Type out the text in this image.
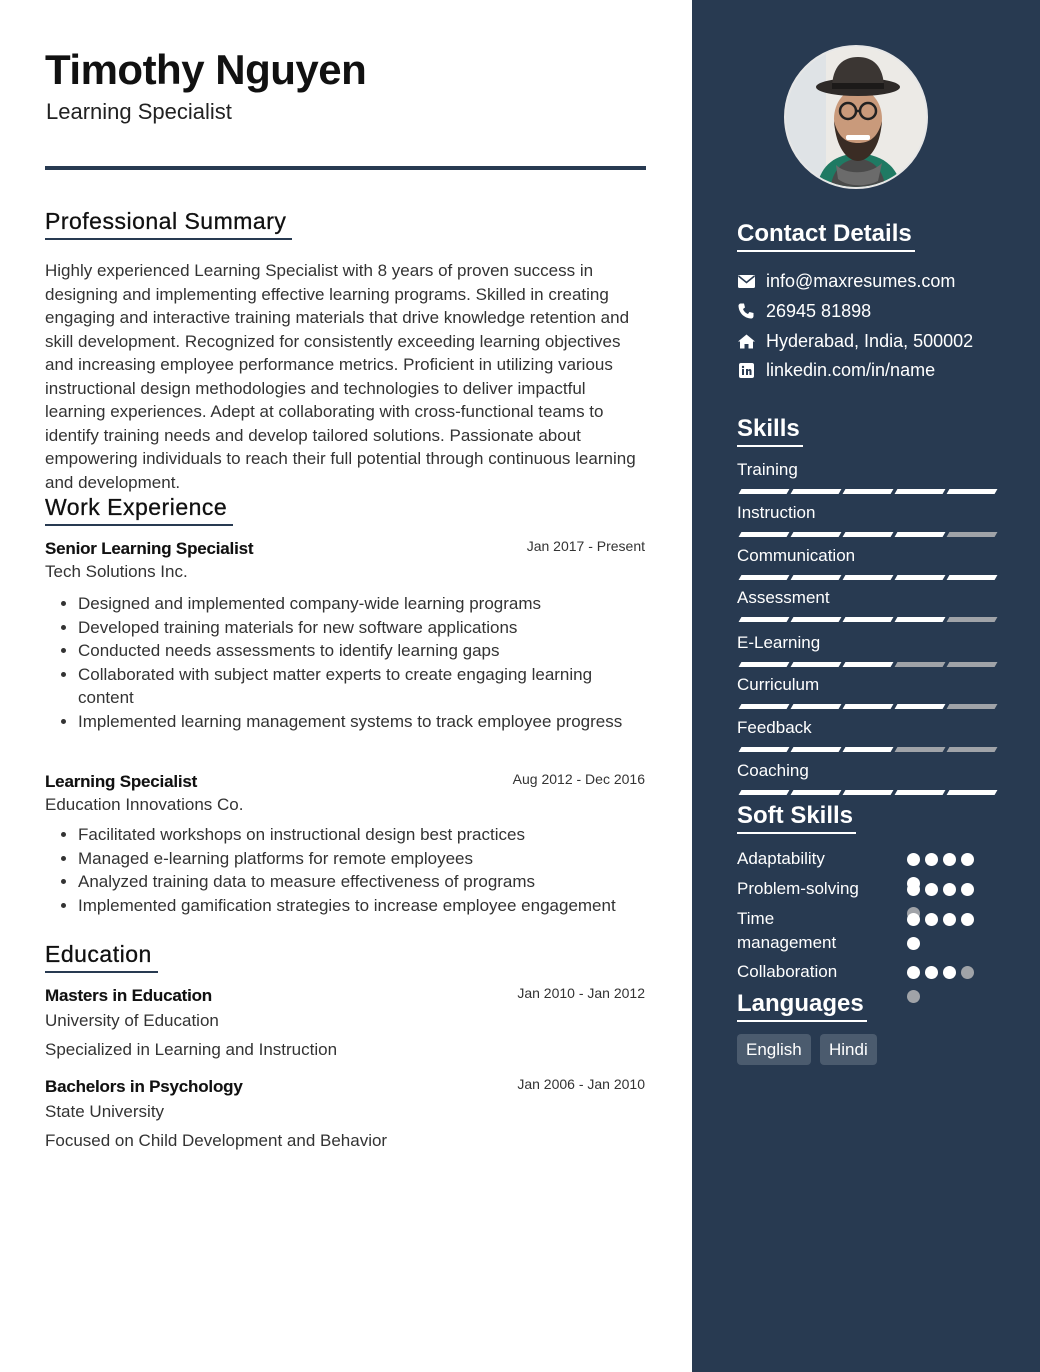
Timothy Nguyen
Learning Specialist
Professional Summary
Highly experienced Learning Specialist with 8 years of proven success in designing and implementing effective learning programs. Skilled in creating engaging and interactive training materials that drive knowledge retention and skill development. Recognized for consistently exceeding learning objectives and increasing employee performance metrics. Proficient in utilizing various instructional design methodologies and technologies to deliver impactful learning experiences. Adept at collaborating with cross-functional teams to identify training needs and develop tailored solutions. Passionate about empowering individuals to reach their full potential through continuous learning and development.
Work Experience
Senior Learning Specialist	Jan 2017 - Present
Tech Solutions Inc.
• Designed and implemented company-wide learning programs
• Developed training materials for new software applications
• Conducted needs assessments to identify learning gaps
• Collaborated with subject matter experts to create engaging learning content
• Implemented learning management systems to track employee progress
Learning Specialist	Aug 2012 - Dec 2016
Education Innovations Co.
• Facilitated workshops on instructional design best practices
• Managed e-learning platforms for remote employees
• Analyzed training data to measure effectiveness of programs
• Implemented gamification strategies to increase employee engagement
Education
Masters in Education	Jan 2010 - Jan 2012
University of Education
Specialized in Learning and Instruction
Bachelors in Psychology	Jan 2006 - Jan 2010
State University
Focused on Child Development and Behavior
Contact Details
info@maxresumes.com
26945 81898
Hyderabad, India, 500002
linkedin.com/in/name
Skills
Training
Instruction
Communication
Assessment
E-Learning
Curriculum
Feedback
Coaching
Soft Skills
Adaptability
Problem-solving
Time management
Collaboration
Languages
English	Hindi
